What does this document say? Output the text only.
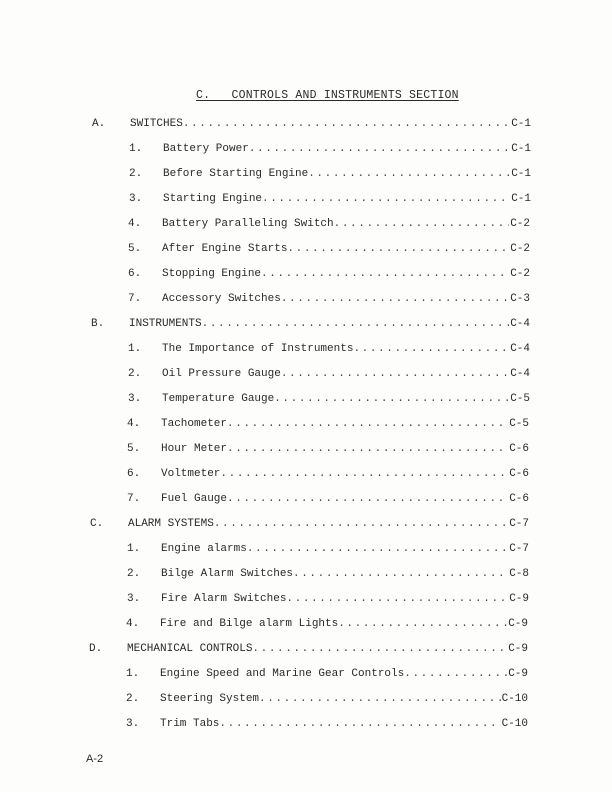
C.   CONTROLS AND INSTRUMENTS SECTION
A.	SWITCHES .....	C-1
1.	Battery Power .....	C-1
2.	Before Starting Engine .....	C-1
3.	Starting Engine .....	C-1
4.	Battery Paralleling Switch .....	C-2
5.	After Engine Starts .....	C-2
6.	Stopping Engine .....	C-2
7.	Accessory Switches .....	C-3
B.	INSTRUMENTS .....	C-4
1.	The Importance of Instruments .....	C-4
2.	Oil Pressure Gauge .....	C-4
3.	Temperature Gauge .....	C-5
4.	Tachometer .....	C-5
5.	Hour Meter .....	C-6
6.	Voltmeter .....	C-6
7.	Fuel Gauge .....	C-6
C.	ALARM SYSTEMS .....	C-7
1.	Engine alarms .....	C-7
2.	Bilge Alarm Switches .....	C-8
3.	Fire Alarm Switches .....	C-9
4.	Fire and Bilge alarm Lights .....	C-9
D.	MECHANICAL CONTROLS .....	C-9
1.	Engine Speed and Marine Gear Controls .....	C-9
2.	Steering System .....	C-10
3.	Trim Tabs .....	C-10
A-2
